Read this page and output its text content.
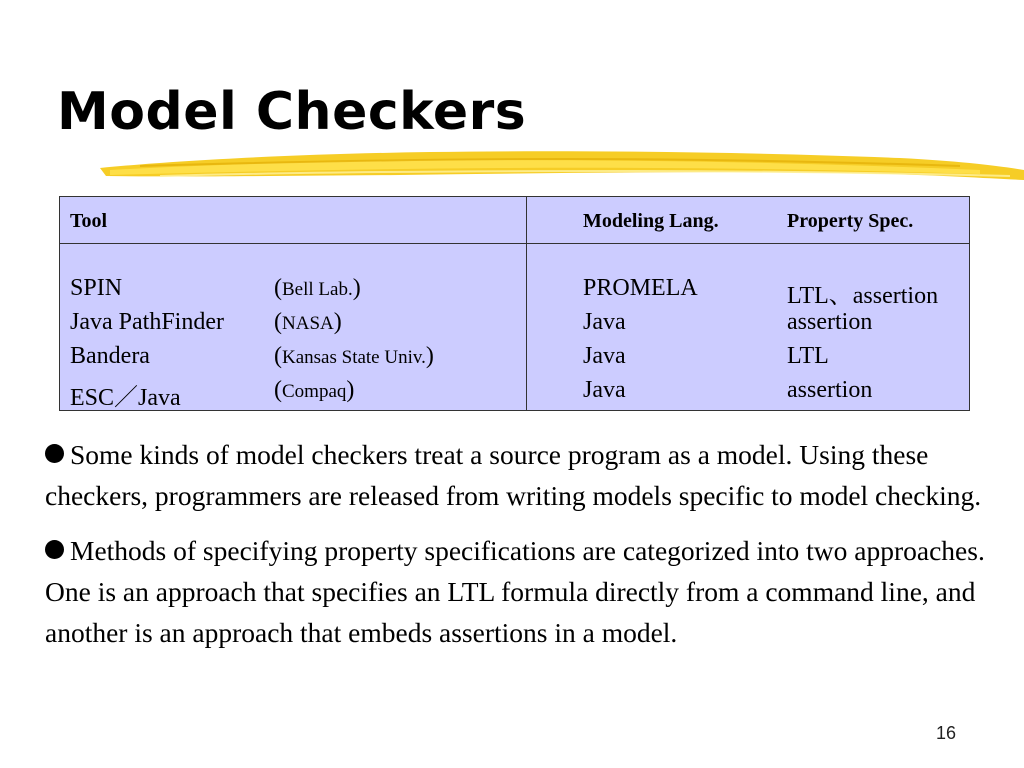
Model Checkers
Tool	Modeling Lang.	Property Spec.
SPIN	(Bell Lab.)	PROMELA	LTL、assertion
Java PathFinder (NASA)	Java	assertion
Bandera	(Kansas State Univ.)	Java	LTL
ESC／Java	(Compaq)	Java	assertion
Some kinds of model checkers treat a source program as a model. Using these checkers, programmers are released from writing models specific to model checking.
Methods of specifying property specifications are categorized into two approaches. One is an approach that specifies an LTL formula directly from a command line, and another is an approach that embeds assertions in a model.
16
